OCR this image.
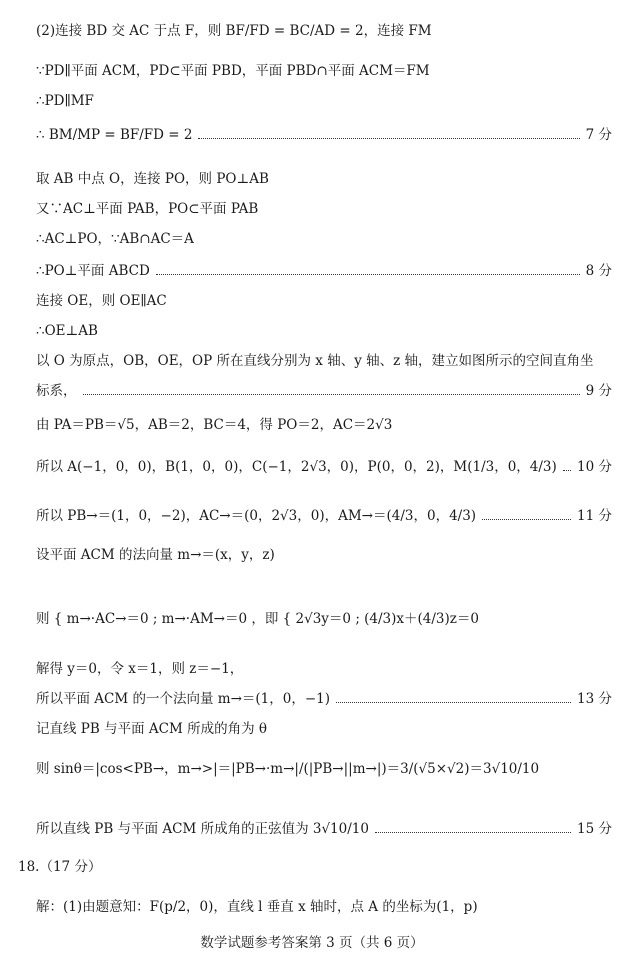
(2)连接 BD 交 AC 于点 F，则 BF/FD = BC/AD = 2，连接 FM
∵PD∥平面 ACM，PD⊂平面 PBD，平面 PBD∩平面 ACM＝FM
∴PD∥MF
∴ BM/MP = BF/FD = 2	7 分
取 AB 中点 O，连接 PO，则 PO⊥AB
又∵AC⊥平面 PAB，PO⊂平面 PAB
∴AC⊥PO，∵AB∩AC＝A
∴PO⊥平面 ABCD	8 分
连接 OE，则 OE∥AC
∴OE⊥AB
以 O 为原点，OB，OE，OP 所在直线分别为 x 轴、y 轴、z 轴，建立如图所示的空间直角坐
标系，	9 分
由 PA＝PB＝√5，AB＝2，BC＝4，得 PO＝2，AC＝2√3
所以 A(−1，0，0)，B(1，0，0)，C(−1，2√3，0)，P(0，0，2)，M(1/3，0，4/3) 10 分
所以 PB→＝(1，0，−2)，AC→＝(0，2√3，0)，AM→＝(4/3，0，4/3)	11 分
设平面 ACM 的法向量 m→＝(x，y，z)
则 { m→·AC→＝0 ; m→·AM→＝0 ，即 { 2√3y＝0 ; (4/3)x＋(4/3)z＝0
解得 y＝0，令 x＝1，则 z＝−1，
所以平面 ACM 的一个法向量 m→＝(1，0，−1)	13 分
记直线 PB 与平面 ACM 所成的角为 θ
则 sinθ＝|cos<PB→，m→>|＝|PB→·m→|/(|PB→||m→|)＝3/(√5×√2)＝3√10/10
所以直线 PB 与平面 ACM 所成角的正弦值为 3√10/10	15 分
18.（17 分）
解：(1)由题意知：F(p/2，0)，直线 l 垂直 x 轴时，点 A 的坐标为(1，p)
数学试题参考答案第 3 页（共 6 页）
